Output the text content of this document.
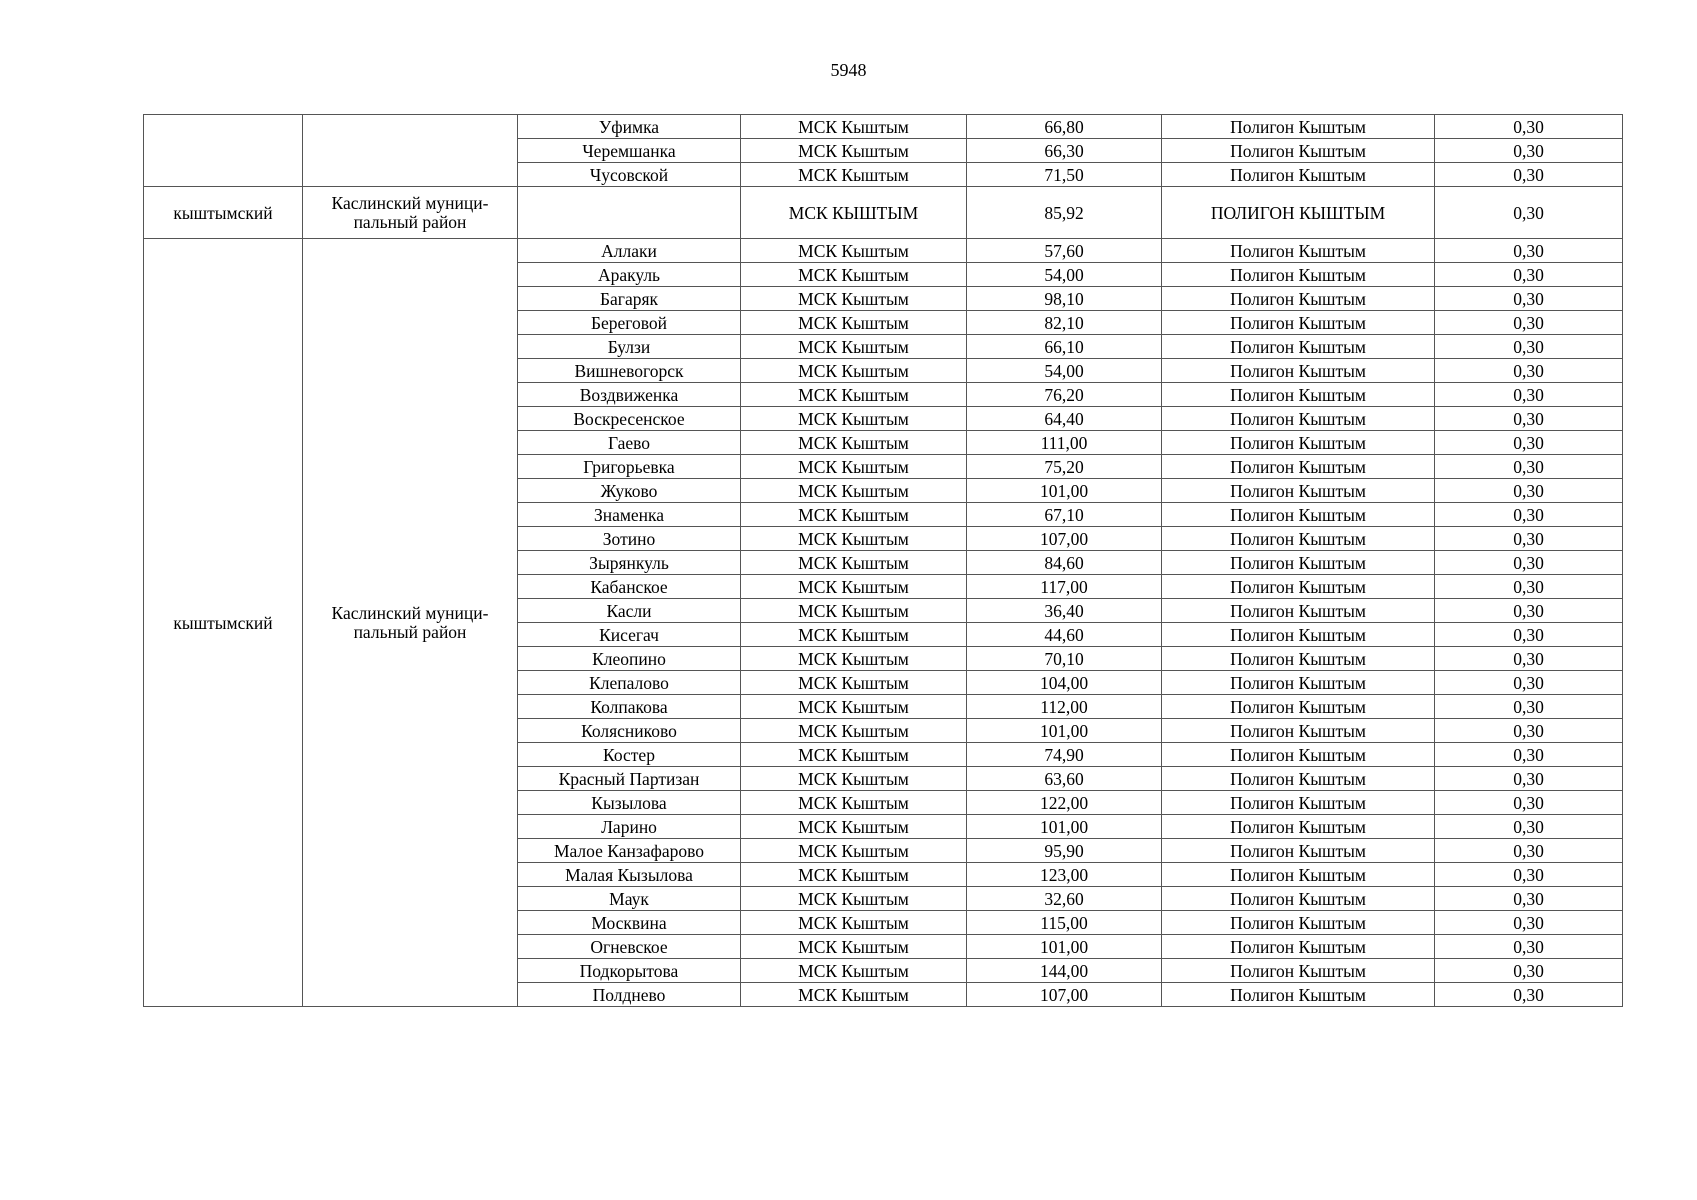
5948
		Уфимка	МСК Кыштым	66,80	Полигон Кыштым	0,30
		Черемшанка	МСК Кыштым	66,30	Полигон Кыштым	0,30
		Чусовской	МСК Кыштым	71,50	Полигон Кыштым	0,30
кыштымский	Каслинский муници-пальный район		МСК КЫШТЫМ	85,92	ПОЛИГОН КЫШТЫМ	0,30
кыштымский	Каслинский муници-пальный район	Аллаки	МСК Кыштым	57,60	Полигон Кыштым	0,30
		Аракуль	МСК Кыштым	54,00	Полигон Кыштым	0,30
		Багаряк	МСК Кыштым	98,10	Полигон Кыштым	0,30
		Береговой	МСК Кыштым	82,10	Полигон Кыштым	0,30
		Булзи	МСК Кыштым	66,10	Полигон Кыштым	0,30
		Вишневогорск	МСК Кыштым	54,00	Полигон Кыштым	0,30
		Воздвиженка	МСК Кыштым	76,20	Полигон Кыштым	0,30
		Воскресенское	МСК Кыштым	64,40	Полигон Кыштым	0,30
		Гаево	МСК Кыштым	111,00	Полигон Кыштым	0,30
		Григорьевка	МСК Кыштым	75,20	Полигон Кыштым	0,30
		Жуково	МСК Кыштым	101,00	Полигон Кыштым	0,30
		Знаменка	МСК Кыштым	67,10	Полигон Кыштым	0,30
		Зотино	МСК Кыштым	107,00	Полигон Кыштым	0,30
		Зырянкуль	МСК Кыштым	84,60	Полигон Кыштым	0,30
		Кабанское	МСК Кыштым	117,00	Полигон Кыштым	0,30
		Касли	МСК Кыштым	36,40	Полигон Кыштым	0,30
		Кисегач	МСК Кыштым	44,60	Полигон Кыштым	0,30
		Клеопино	МСК Кыштым	70,10	Полигон Кыштым	0,30
		Клепалово	МСК Кыштым	104,00	Полигон Кыштым	0,30
		Колпакова	МСК Кыштым	112,00	Полигон Кыштым	0,30
		Колясниково	МСК Кыштым	101,00	Полигон Кыштым	0,30
		Костер	МСК Кыштым	74,90	Полигон Кыштым	0,30
		Красный Партизан	МСК Кыштым	63,60	Полигон Кыштым	0,30
		Кызылова	МСК Кыштым	122,00	Полигон Кыштым	0,30
		Ларино	МСК Кыштым	101,00	Полигон Кыштым	0,30
		Малое Канзафарово	МСК Кыштым	95,90	Полигон Кыштым	0,30
		Малая Кызылова	МСК Кыштым	123,00	Полигон Кыштым	0,30
		Маук	МСК Кыштым	32,60	Полигон Кыштым	0,30
		Москвина	МСК Кыштым	115,00	Полигон Кыштым	0,30
		Огневское	МСК Кыштым	101,00	Полигон Кыштым	0,30
		Подкорытова	МСК Кыштым	144,00	Полигон Кыштым	0,30
		Полднево	МСК Кыштым	107,00	Полигон Кыштым	0,30
